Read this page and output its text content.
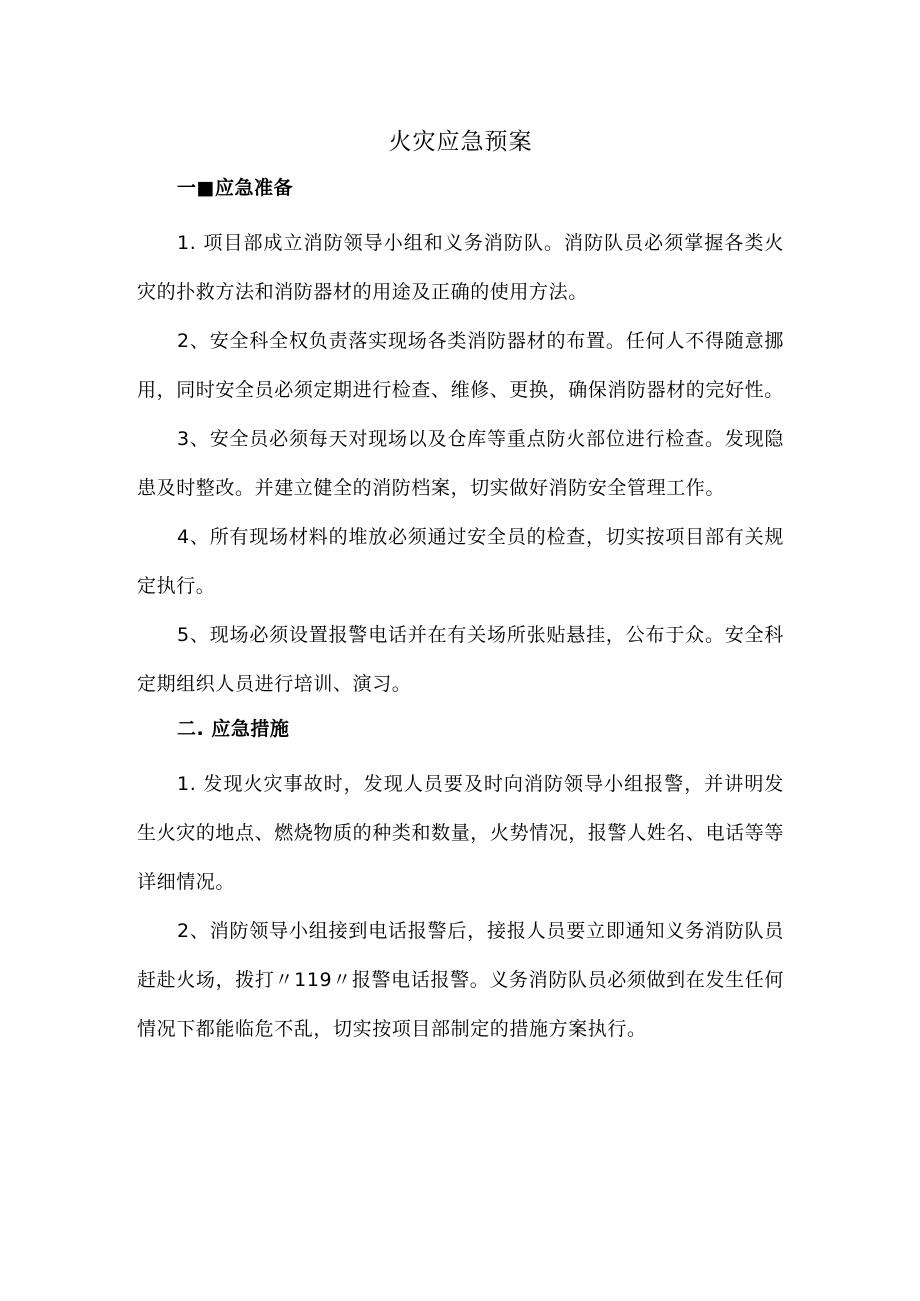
火灾应急预案
一■应急准备

1. 项目部成立消防领导小组和义务消防队。消防队员必须掌握各类火灾的扑救方法和消防器材的用途及正确的使用方法。

2、安全科全权负责落实现场各类消防器材的布置。任何人不得随意挪用，同时安全员必须定期进行检查、维修、更换，确保消防器材的完好性。

3、安全员必须每天对现场以及仓库等重点防火部位进行检查。发现隐患及时整改。并建立健全的消防档案，切实做好消防安全管理工作。

4、所有现场材料的堆放必须通过安全员的检查，切实按项目部有关规定执行。

5、现场必须设置报警电话并在有关场所张贴悬挂，公布于众。安全科定期组织人员进行培训、演习。

二. 应急措施

1. 发现火灾事故时，发现人员要及时向消防领导小组报警，并讲明发生火灾的地点、燃烧物质的种类和数量，火势情况，报警人姓名、电话等等详细情况。

2、消防领导小组接到电话报警后，接报人员要立即通知义务消防队员赶赴火场，拨打〃119〃报警电话报警。义务消防队员必须做到在发生任何情况下都能临危不乱，切实按项目部制定的措施方案执行。
